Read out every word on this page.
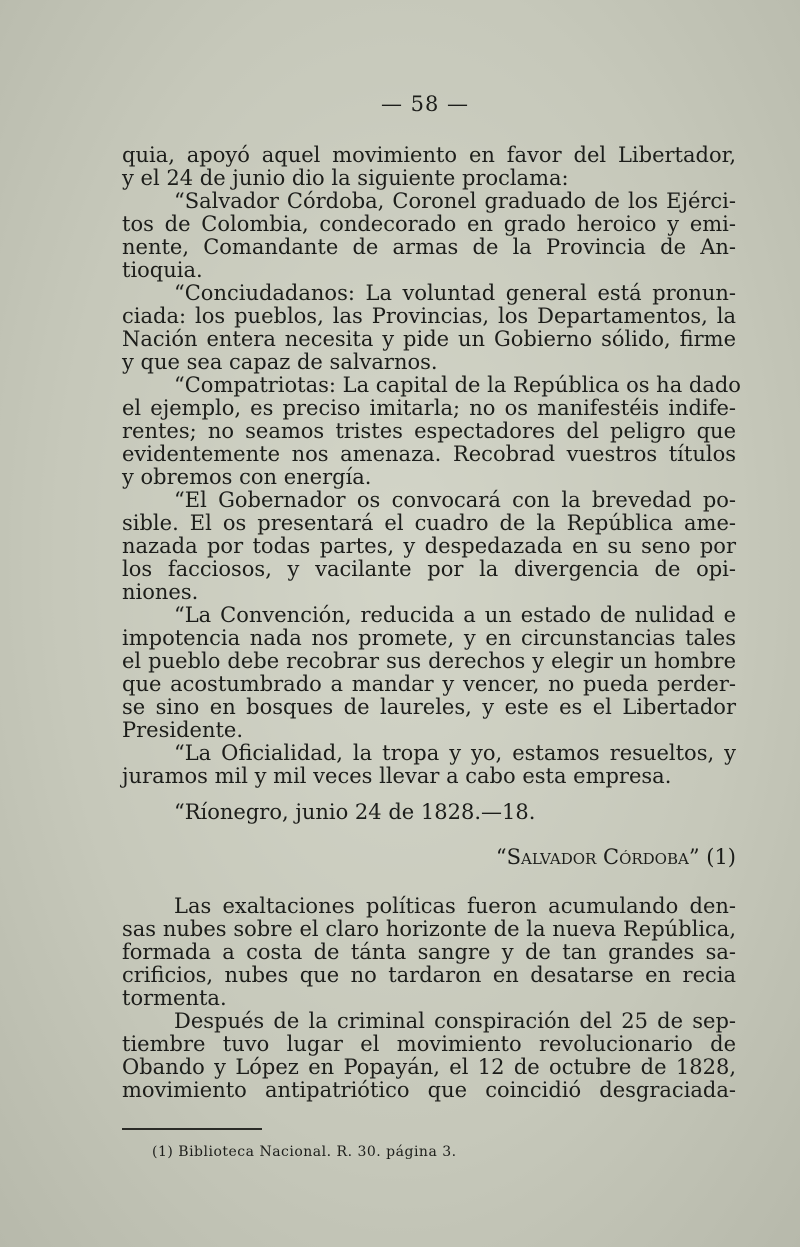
— 58 —
quia, apoyó aquel movimiento en favor del Libertador,
y el 24 de junio dio la siguiente proclama:
“Salvador Córdoba, Coronel graduado de los Ejérci-
tos de Colombia, condecorado en grado heroico y emi-
nente, Comandante de armas de la Provincia de An-
tioquia.
“Conciudadanos: La voluntad general está pronun-
ciada: los pueblos, las Provincias, los Departamentos, la
Nación entera necesita y pide un Gobierno sólido, firme
y que sea capaz de salvarnos.
“Compatriotas: La capital de la República os ha dado
el ejemplo, es preciso imitarla; no os manifestéis indife-
rentes; no seamos tristes espectadores del peligro que
evidentemente nos amenaza. Recobrad vuestros títulos
y obremos con energía.
“El Gobernador os convocará con la brevedad po-
sible. El os presentará el cuadro de la República ame-
nazada por todas partes, y despedazada en su seno por
los facciosos, y vacilante por la divergencia de opi-
niones.
“La Convención, reducida a un estado de nulidad e
impotencia nada nos promete, y en circunstancias tales
el pueblo debe recobrar sus derechos y elegir un hombre
que acostumbrado a mandar y vencer, no pueda perder-
se sino en bosques de laureles, y este es el Libertador
Presidente.
“La Oficialidad, la tropa y yo, estamos resueltos, y
juramos mil y mil veces llevar a cabo esta empresa.
“Ríonegro, junio 24 de 1828.—18.
“Salvador Córdoba” (1)
Las exaltaciones políticas fueron acumulando den-
sas nubes sobre el claro horizonte de la nueva República,
formada a costa de tánta sangre y de tan grandes sa-
crificios, nubes que no tardaron en desatarse en recia
tormenta.
Después de la criminal conspiración del 25 de sep-
tiembre tuvo lugar el movimiento revolucionario de
Obando y López en Popayán, el 12 de octubre de 1828,
movimiento antipatriótico que coincidió desgraciada-
(1) Biblioteca Nacional. R. 30. página 3.
